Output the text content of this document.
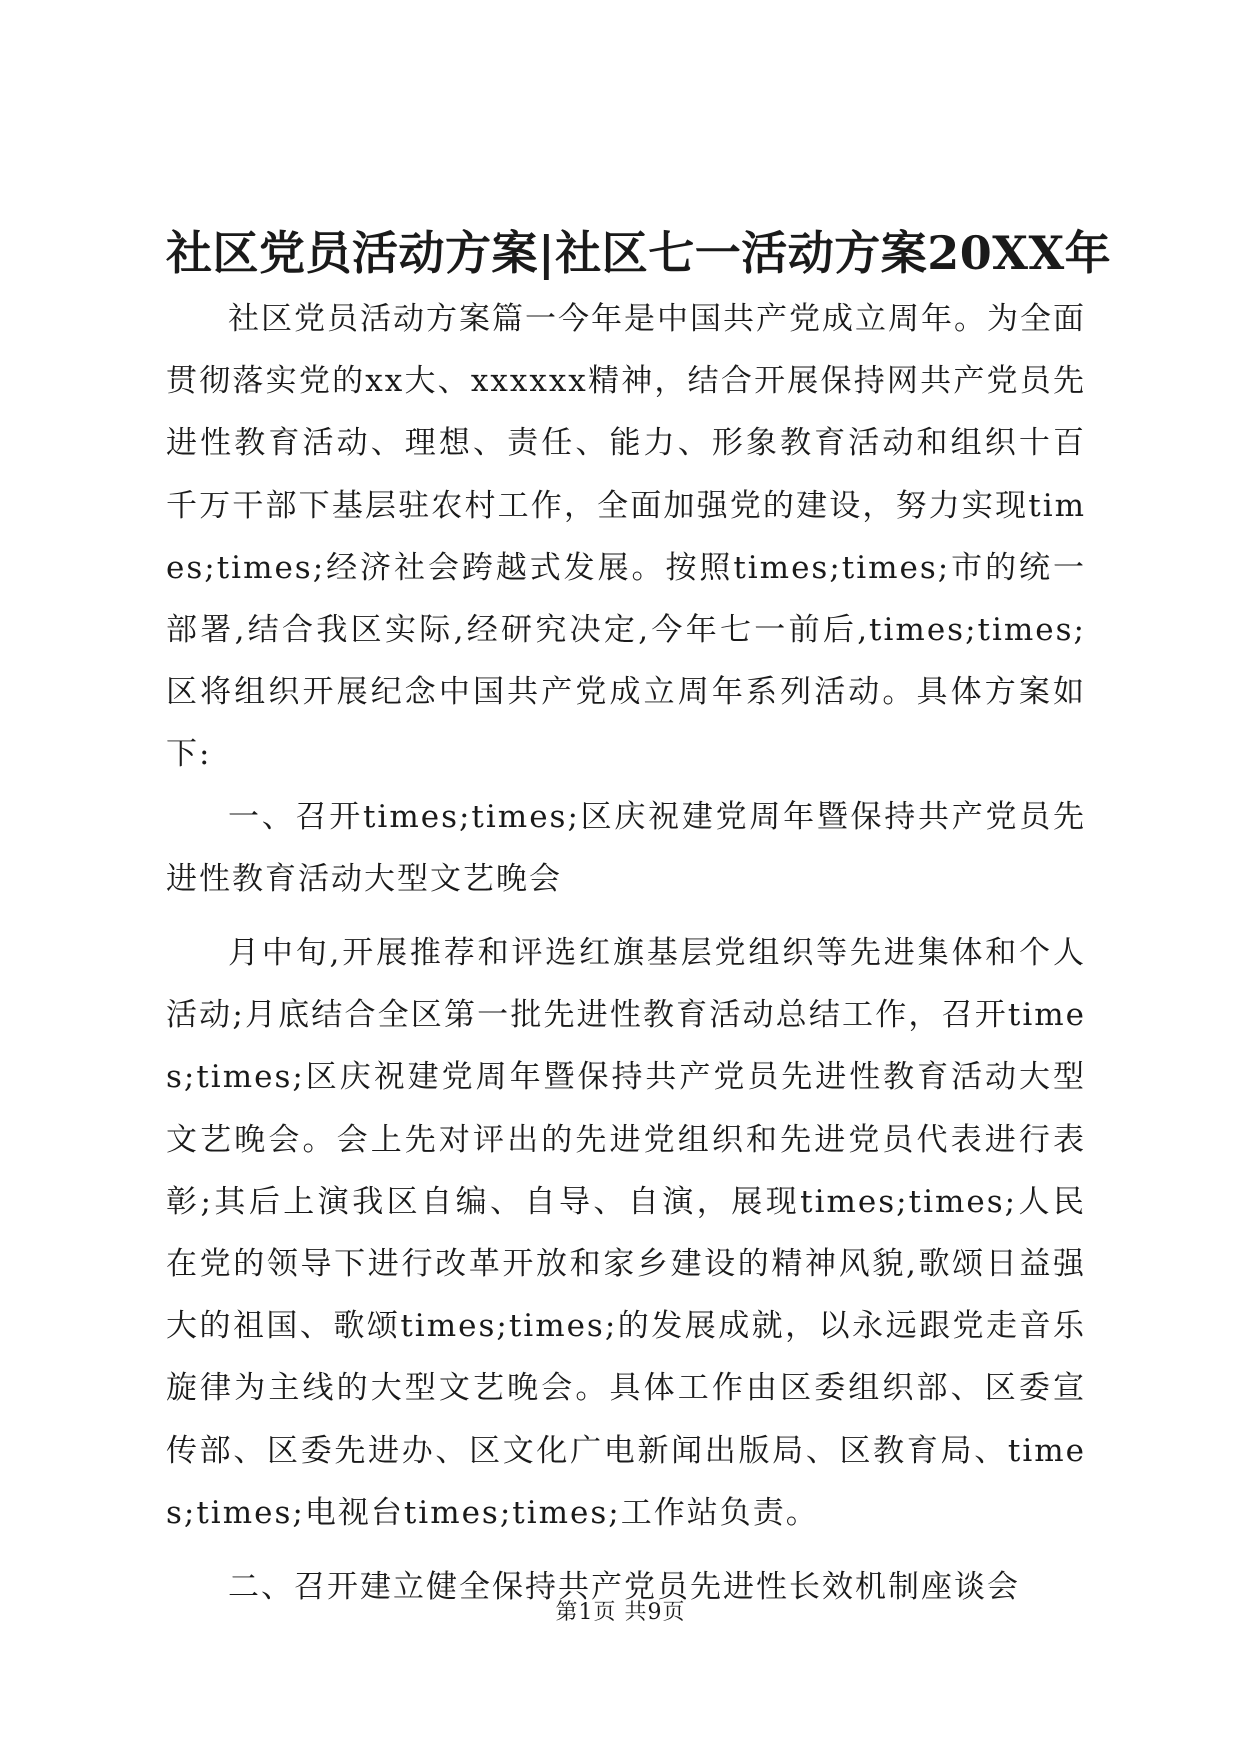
社区党员活动方案|社区七一活动方案20XX年

社区党员活动方案篇一今年是中国共产党成立周年。为全面贯彻落实党的xx大、xxxxxx精神，结合开展保持网共产党员先进性教育活动、理想、责任、能力、形象教育活动和组织十百千万干部下基层驻农村工作，全面加强党的建设，努力实现times;times;经济社会跨越式发展。按照times;times;市的统一部署,结合我区实际,经研究决定,今年七一前后,times;times;区将组织开展纪念中国共产党成立周年系列活动。具体方案如下:

一、召开times;times;区庆祝建党周年暨保持共产党员先进性教育活动大型文艺晚会

月中旬,开展推荐和评选红旗基层党组织等先进集体和个人活动;月底结合全区第一批先进性教育活动总结工作，召开times;times;区庆祝建党周年暨保持共产党员先进性教育活动大型文艺晚会。会上先对评出的先进党组织和先进党员代表进行表彰;其后上演我区自编、自导、自演，展现times;times;人民在党的领导下进行改革开放和家乡建设的精神风貌,歌颂日益强大的祖国、歌颂times;times;的发展成就，以永远跟党走音乐旋律为主线的大型文艺晚会。具体工作由区委组织部、区委宣传部、区委先进办、区文化广电新闻出版局、区教育局、times;times;电视台times;times;工作站负责。

二、召开建立健全保持共产党员先进性长效机制座谈会

第1页 共9页
